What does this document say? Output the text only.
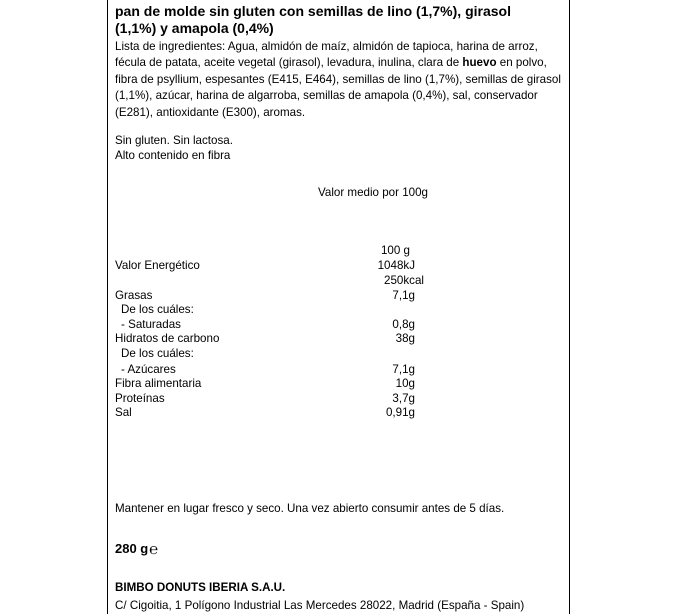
pan de molde sin gluten con semillas de lino (1,7%), girasol
(1,1%) y amapola (0,4%)
Lista de ingredientes: Agua, almidón de maíz, almidón de tapioca, harina de arroz, fécula de patata, aceite vegetal (girasol), levadura, inulina, clara de huevo en polvo, fibra de psyllium, espesantes (E415, E464), semillas de lino (1,7%), semillas de girasol (1,1%), azúcar, harina de algarroba, semillas de amapola (0,4%), sal, conservador (E281), antioxidante (E300), aromas.
Sin gluten. Sin lactosa.
Alto contenido en fibra
Valor medio por 100g
100 g
Valor Energético	1048kJ
250kcal
Grasas	7,1g
De los cuáles:
- Saturadas	0,8g
Hidratos de carbono	38g
De los cuáles:
- Azúcares	7,1g
Fibra alimentaria	10g
Proteínas	3,7g
Sal	0,91g
Mantener en lugar fresco y seco. Una vez abierto consumir antes de 5 días.
280 g℮
BIMBO DONUTS IBERIA S.A.U.
C/ Cigoitia, 1 Polígono Industrial Las Mercedes 28022, Madrid (España - Spain)
